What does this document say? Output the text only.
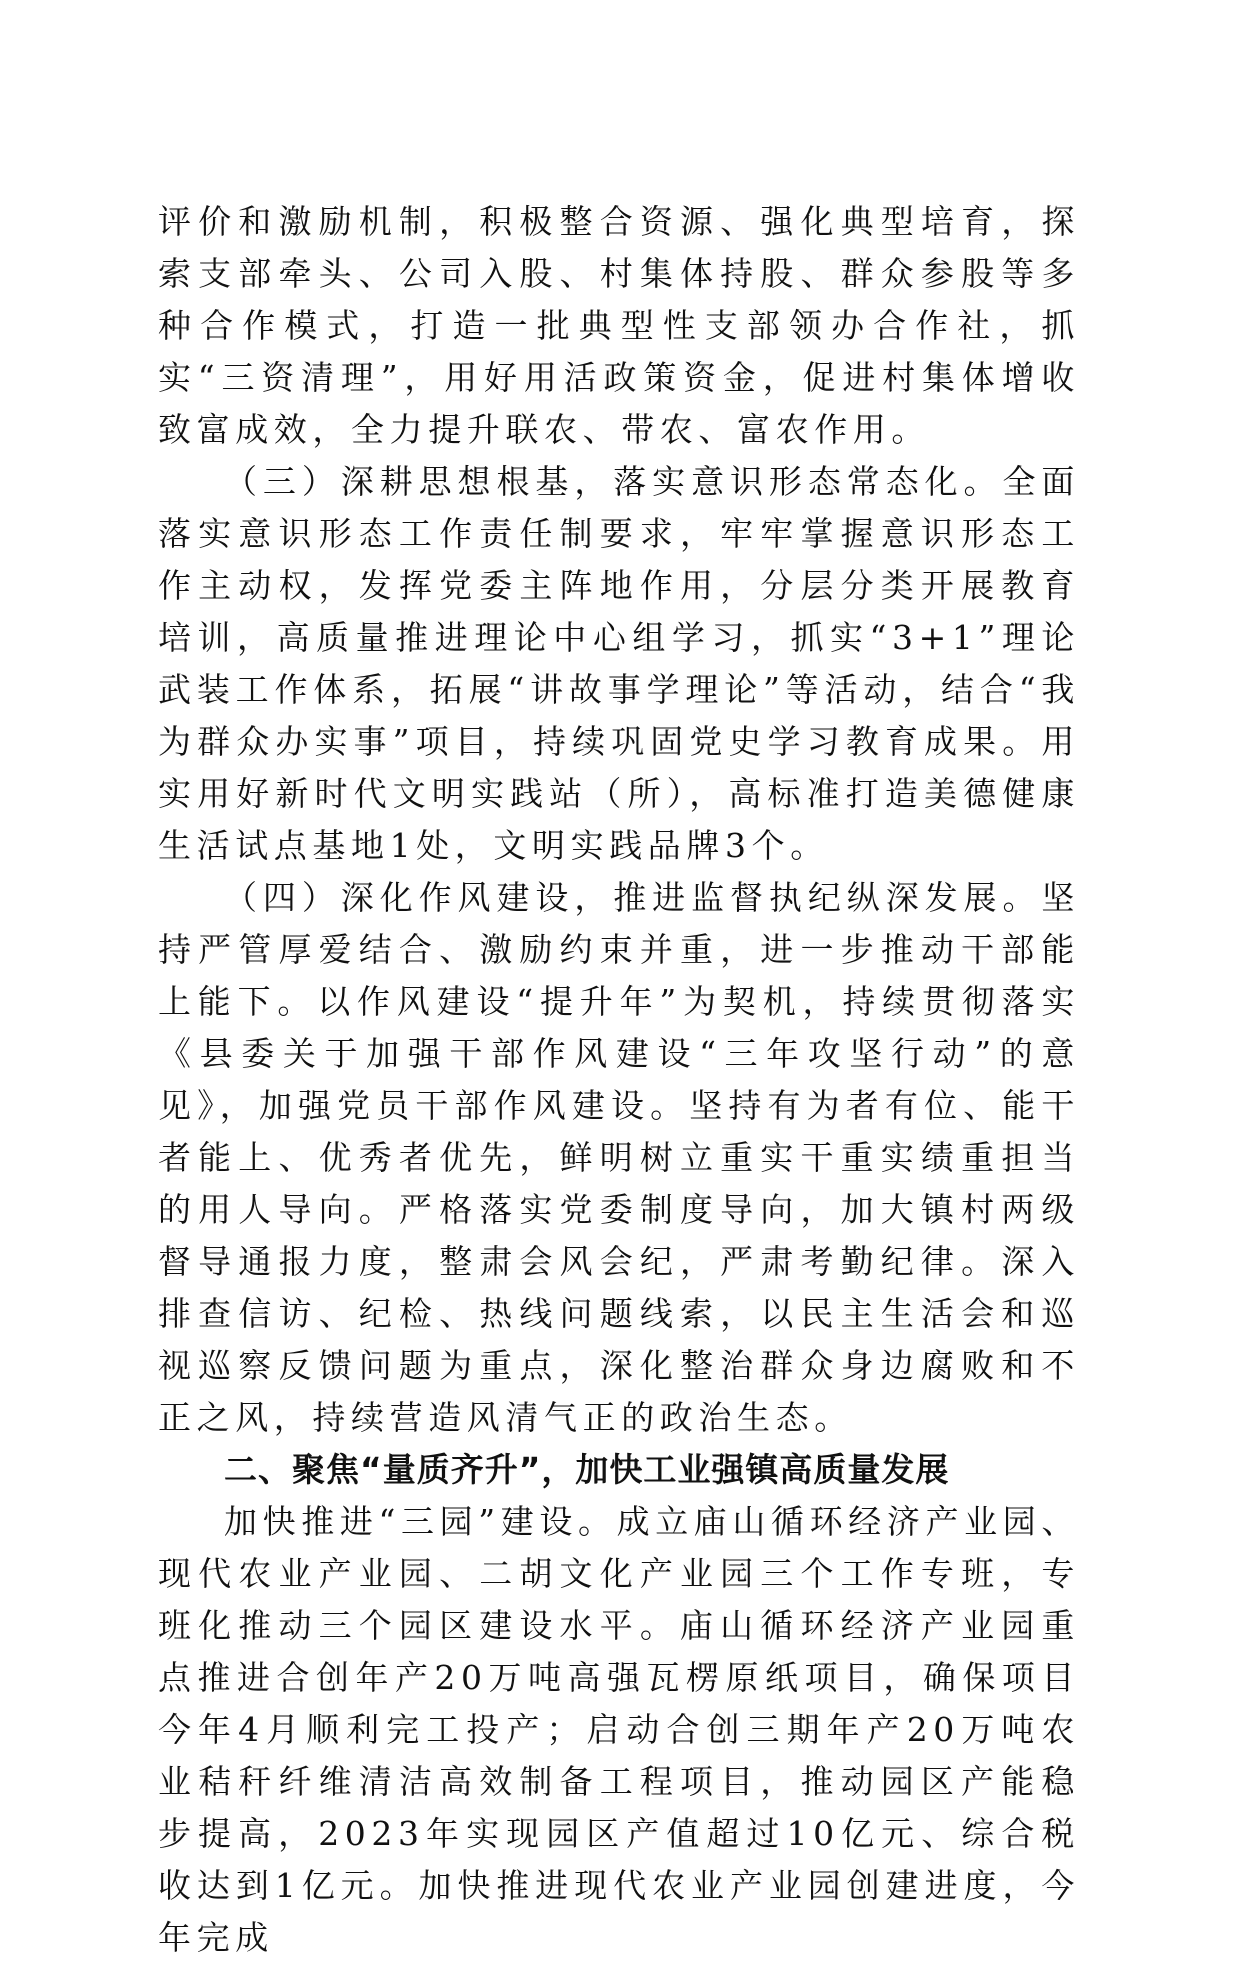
评价和激励机制，积极整合资源、强化典型培育，探索支部牵头、公司入股、村集体持股、群众参股等多种合作模式，打造一批典型性支部领办合作社，抓实“三资清理”，用好用活政策资金，促进村集体增收致富成效，全力提升联农、带农、富农作用。

（三）深耕思想根基，落实意识形态常态化。全面落实意识形态工作责任制要求，牢牢掌握意识形态工作主动权，发挥党委主阵地作用，分层分类开展教育培训，高质量推进理论中心组学习，抓实“3+1”理论武装工作体系，拓展“讲故事学理论”等活动，结合“我为群众办实事”项目，持续巩固党史学习教育成果。用实用好新时代文明实践站（所），高标准打造美德健康生活试点基地1处，文明实践品牌3个。

（四）深化作风建设，推进监督执纪纵深发展。坚持严管厚爱结合、激励约束并重，进一步推动干部能上能下。以作风建设“提升年”为契机，持续贯彻落实《县委关于加强干部作风建设“三年攻坚行动”的意见》，加强党员干部作风建设。坚持有为者有位、能干者能上、优秀者优先，鲜明树立重实干重实绩重担当的用人导向。严格落实党委制度导向，加大镇村两级督导通报力度，整肃会风会纪，严肃考勤纪律。深入排查信访、纪检、热线问题线索，以民主生活会和巡视巡察反馈问题为重点，深化整治群众身边腐败和不正之风，持续营造风清气正的政治生态。

二、聚焦“量质齐升”，加快工业强镇高质量发展

加快推进“三园”建设。成立庙山循环经济产业园、现代农业产业园、二胡文化产业园三个工作专班，专班化推动三个园区建设水平。庙山循环经济产业园重点推进合创年产20万吨高强瓦楞原纸项目，确保项目今年4月顺利完工投产；启动合创三期年产20万吨农业秸秆纤维清洁高效制备工程项目，推动园区产能稳步提高，2023年实现园区产值超过10亿元、综合税收达到1亿元。加快推进现代农业产业园创建进度，今年完成
